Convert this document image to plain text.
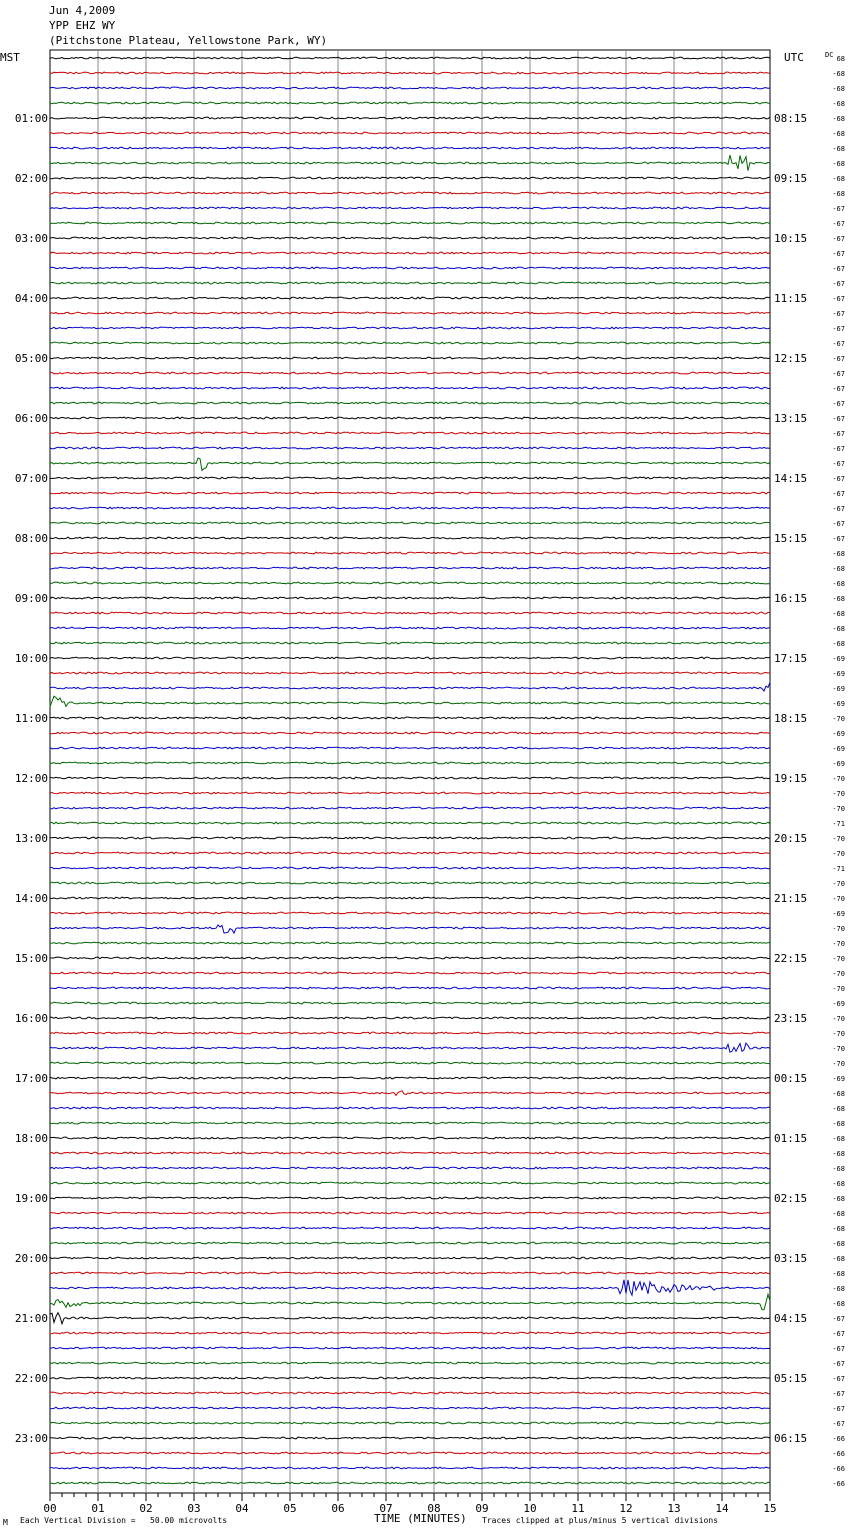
Jun 4,2009
YPP EHZ WY
(Pitchstone Plateau, Yellowstone Park, WY)
68
-68
-68
-68
-68
-68
-68
-68
-68
-68
-67
-67
-67
-67
-67
-67
-67
-67
-67
-67
-67
-67
-67
-67
-67
-67
-67
-67
-67
-67
-67
-67
-67
-68
-68
-68
-68
-68
-68
-68
-69
-69
-69
-69
-70
-69
-69
-69
-70
-70
-70
-71
-70
-70
-71
-70
-70
-69
-70
-70
-70
-70
-70
-69
-70
-70
-70
-70
-69
-68
-68
-68
-68
-68
-68
-68
-68
-68
-68
-68
-68
-68
-68
-68
-67
-67
-67
-67
-67
-67
-67
-67
-66
-66
-66
-66
MST	UTC	DC
01:00
02:00
03:00
04:00
05:00
06:00
07:00
08:00
09:00
10:00
11:00
12:00
13:00
14:00
15:00
16:00
17:00
18:00
19:00
20:00
21:00
22:00
23:00
08:15
09:15
10:15
11:15
12:15
13:15
14:15
15:15
16:15
17:15
18:15
19:15
20:15
21:15
22:15
23:15
00:15
01:15
02:15
03:15
04:15
05:15
06:15
00	01	02	03	04	05	06	07	08	09	10	11	12	13	14	15
M Each Vertical Division =   50.00 microvolts	TIME (MINUTES) Traces clipped at plus/minus 5 vertical divisions
